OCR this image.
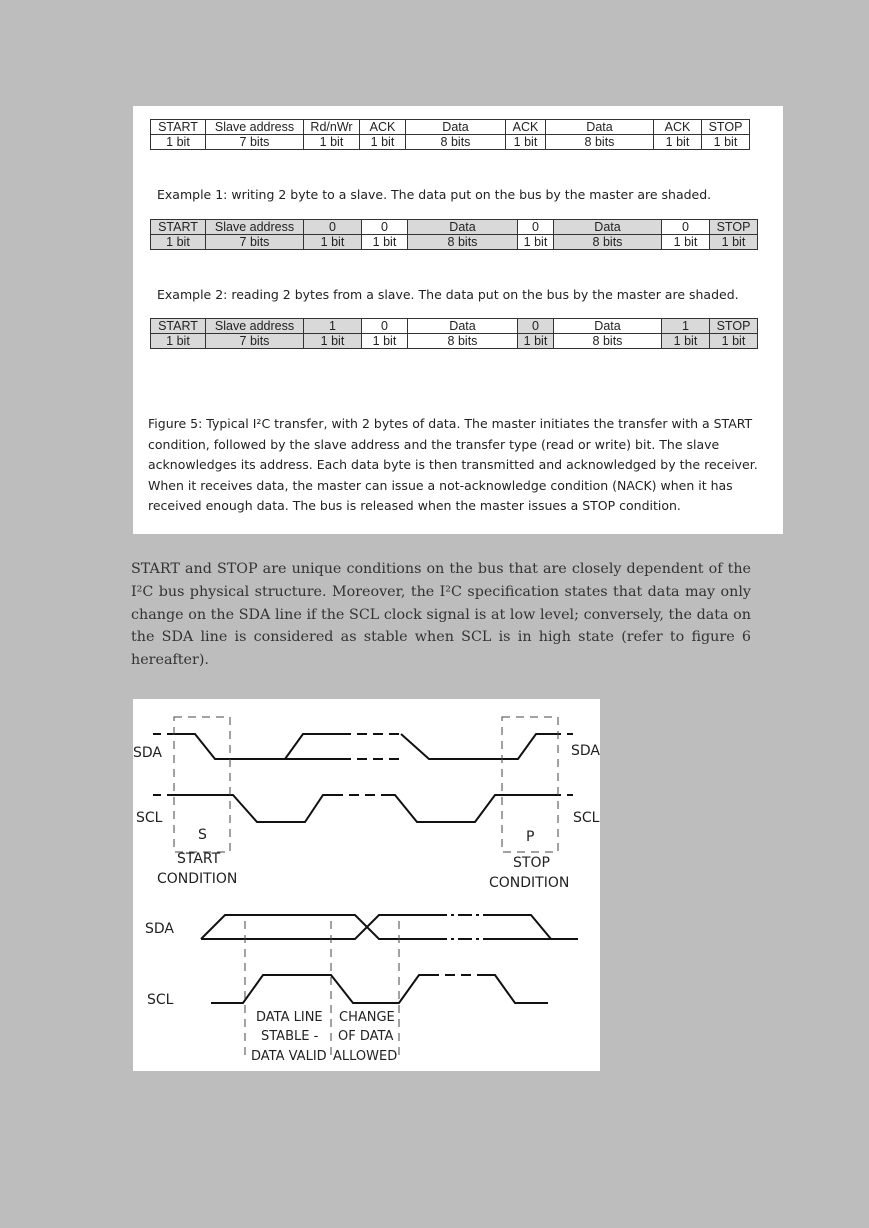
START	Slave address	Rd/nWr	ACK	Data	ACK	Data	ACK	STOP
1 bit	7 bits	1 bit	1 bit	8 bits	1 bit	8 bits	1 bit	1 bit
Example 1: writing 2 byte to a slave. The data put on the bus by the master are shaded.
START	Slave address	0	0	Data	0	Data	0	STOP
1 bit	7 bits	1 bit	1 bit	8 bits	1 bit	8 bits	1 bit	1 bit
Example 2: reading 2 bytes from a slave. The data put on the bus by the master are shaded.
START	Slave address	1	0	Data	0	Data	1	STOP
1 bit	7 bits	1 bit	1 bit	8 bits	1 bit	8 bits	1 bit	1 bit
Figure 5: Typical I²C transfer, with 2 bytes of data. The master initiates the transfer with a START condition, followed by the slave address and the transfer type (read or write) bit. The slave acknowledges its address. Each data byte is then transmitted and acknowledged by the receiver. When it receives data, the master can issue a not-acknowledge condition (NACK) when it has received enough data. The bus is released when the master issues a STOP condition.
START and STOP are unique conditions on the bus that are closely dependent of the I²C bus physical structure. Moreover, the I²C specification states that data may only change on the SDA line if the SCL clock signal is at low level; conversely, the data on the SDA line is considered as stable when SCL is in high state (refer to figure 6 hereafter).
SDA	SDA
SCL	SCL
S
START
CONDITION
P
STOP
CONDITION
SDA
SCL
DATA LINE
STABLE -
DATA VALID
CHANGE
OF DATA
ALLOWED
